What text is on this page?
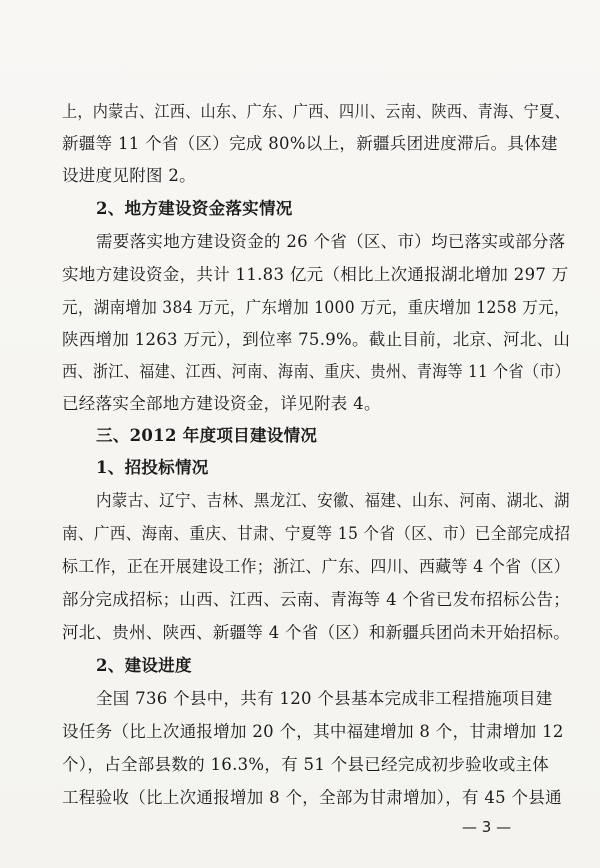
上，内蒙古、江西、山东、广东、广西、四川、云南、陕西、青海、宁夏、
新疆等 11 个省（区）完成 80%以上，新疆兵团进度滞后。具体建
设进度见附图 2。
2、地方建设资金落实情况
需要落实地方建设资金的 26 个省（区、市）均已落实或部分落
实地方建设资金，共计 11.83 亿元（相比上次通报湖北增加 297 万
元，湖南增加 384 万元，广东增加 1000 万元，重庆增加 1258 万元，
陕西增加 1263 万元），到位率 75.9%。截止目前，北京、河北、山
西、浙江、福建、江西、河南、海南、重庆、贵州、青海等 11 个省（市）
已经落实全部地方建设资金，详见附表 4。
三、2012 年度项目建设情况
1、招投标情况
内蒙古、辽宁、吉林、黑龙江、安徽、福建、山东、河南、湖北、湖
南、广西、海南、重庆、甘肃、宁夏等 15 个省（区、市）已全部完成招
标工作，正在开展建设工作；浙江、广东、四川、西藏等 4 个省（区）
部分完成招标；山西、江西、云南、青海等 4 个省已发布招标公告；
河北、贵州、陕西、新疆等 4 个省（区）和新疆兵团尚未开始招标。
2、建设进度
全国 736 个县中，共有 120 个县基本完成非工程措施项目建
设任务（比上次通报增加 20 个，其中福建增加 8 个，甘肃增加 12
个），占全部县数的 16.3%，有 51 个县已经完成初步验收或主体
工程验收（比上次通报增加 8 个，全部为甘肃增加），有 45 个县通
— 3 —
